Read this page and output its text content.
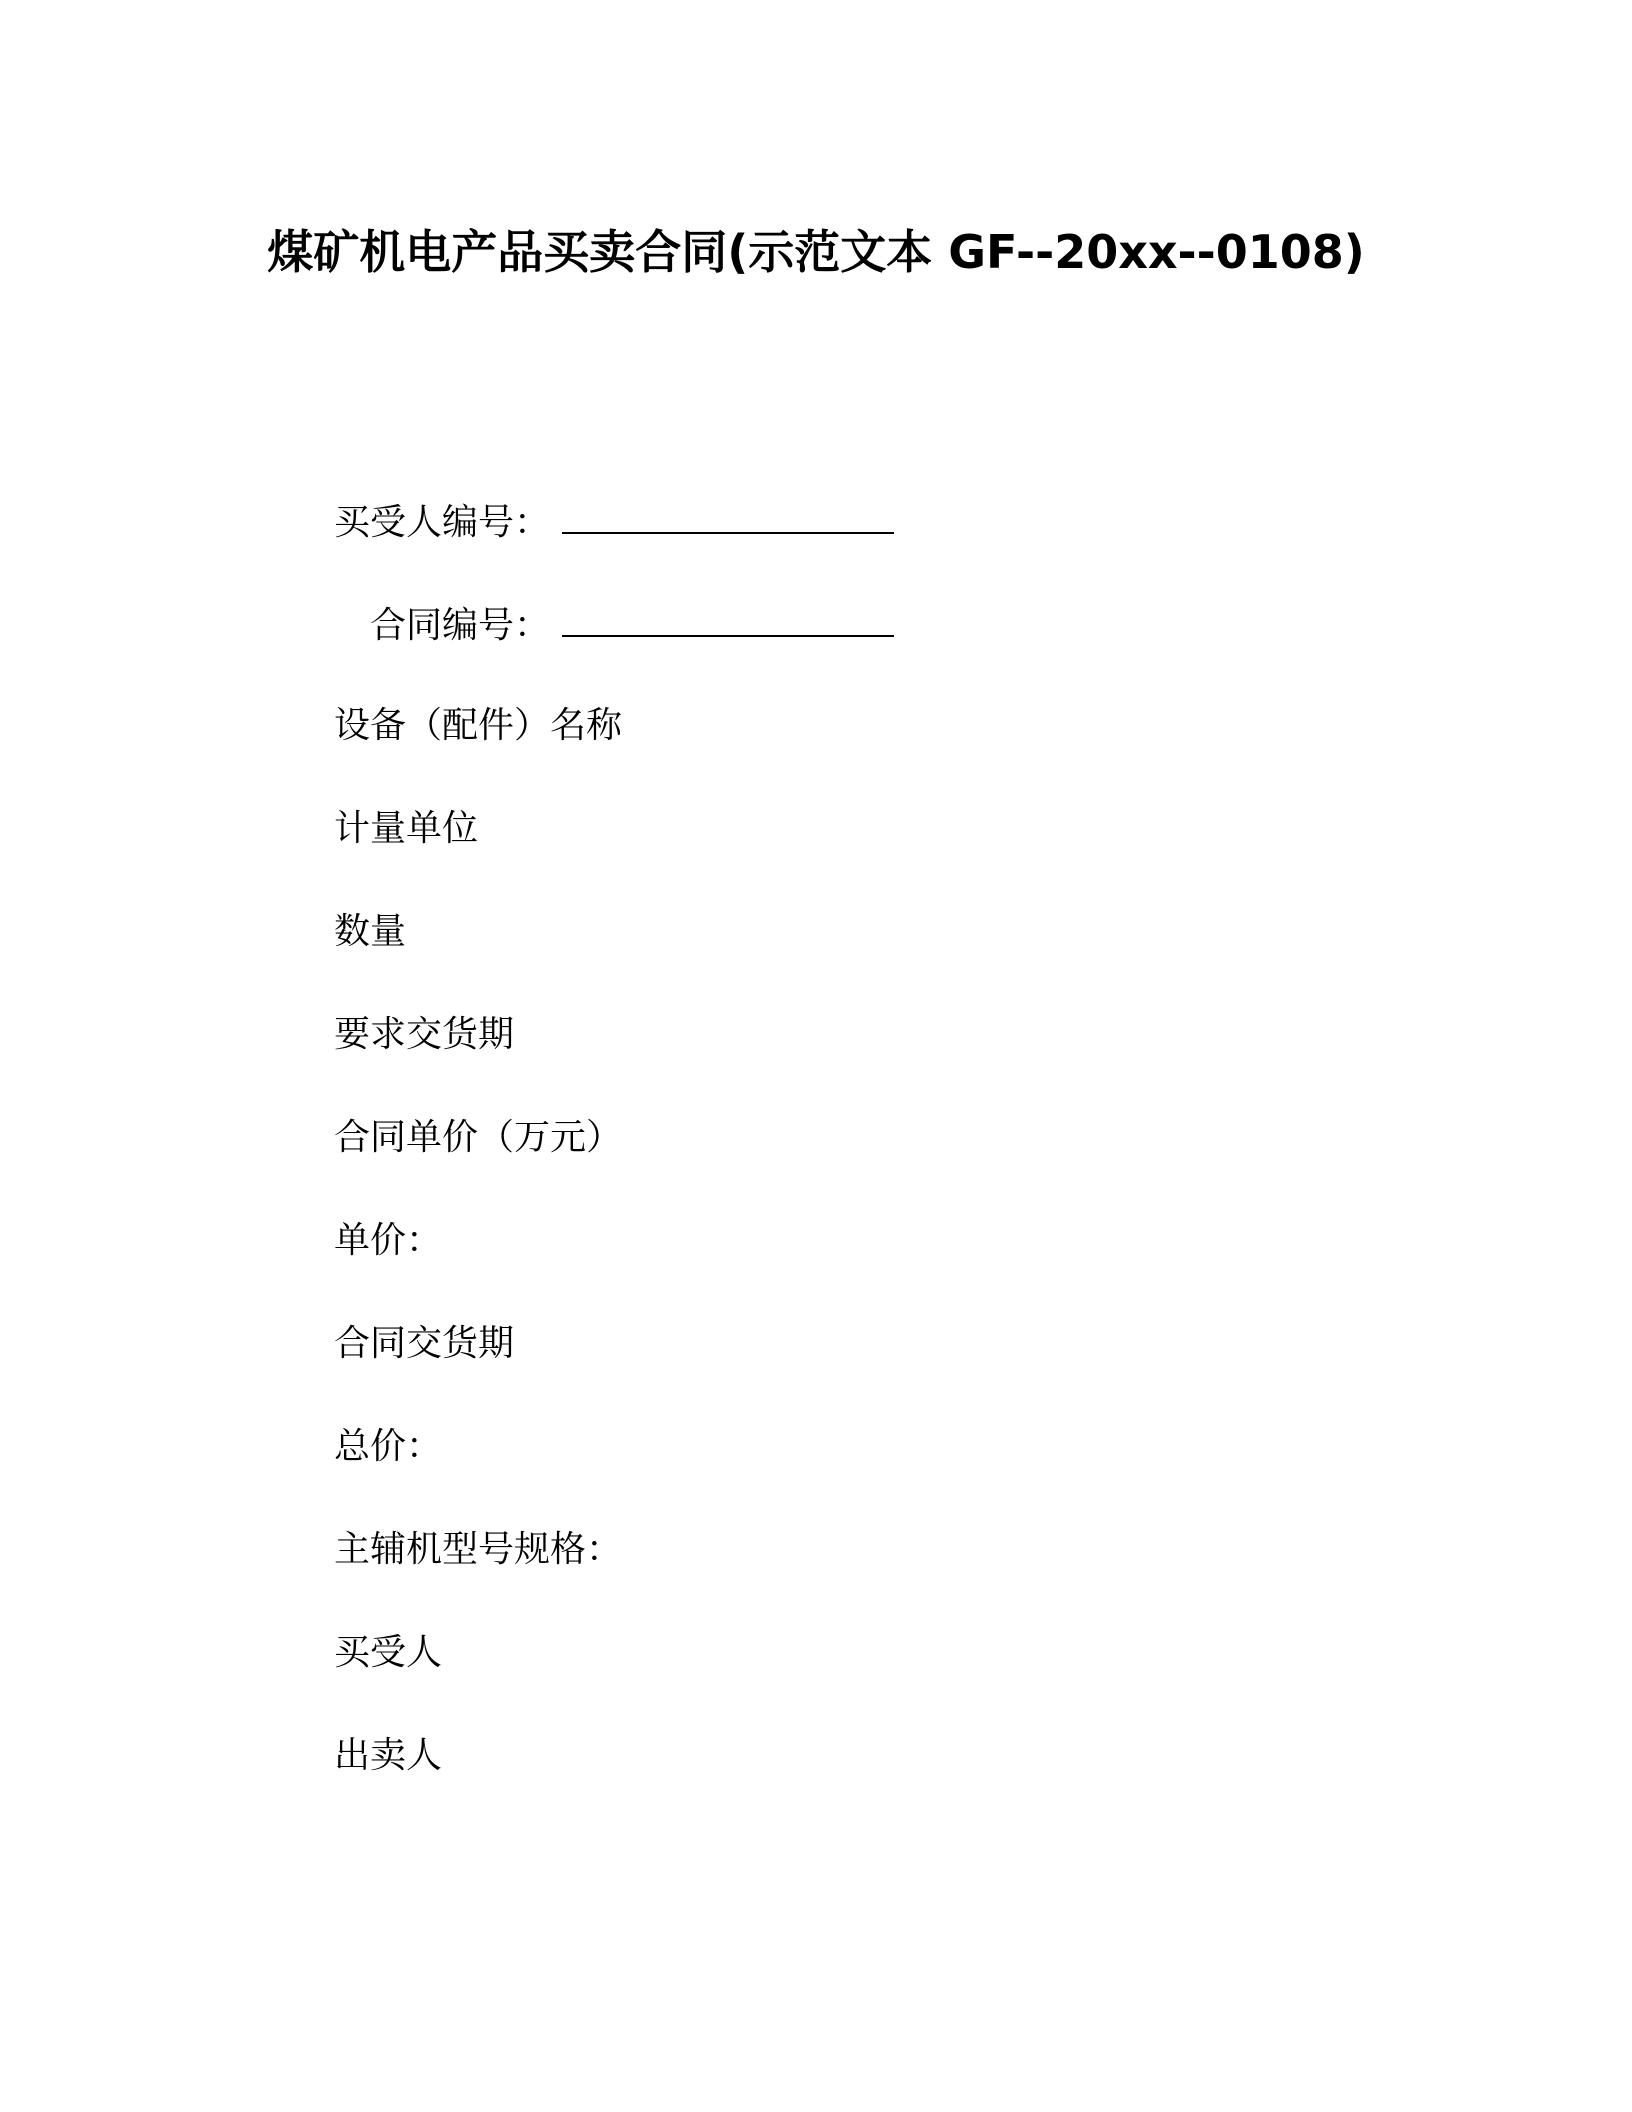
煤矿机电产品买卖合同(示范文本 GF--20xx--0108)
买受人编号：
合同编号：
设备（配件）名称
计量单位
数量
要求交货期
合同单价（万元）
单价：
合同交货期
总价：
主辅机型号规格：
买受人
出卖人
